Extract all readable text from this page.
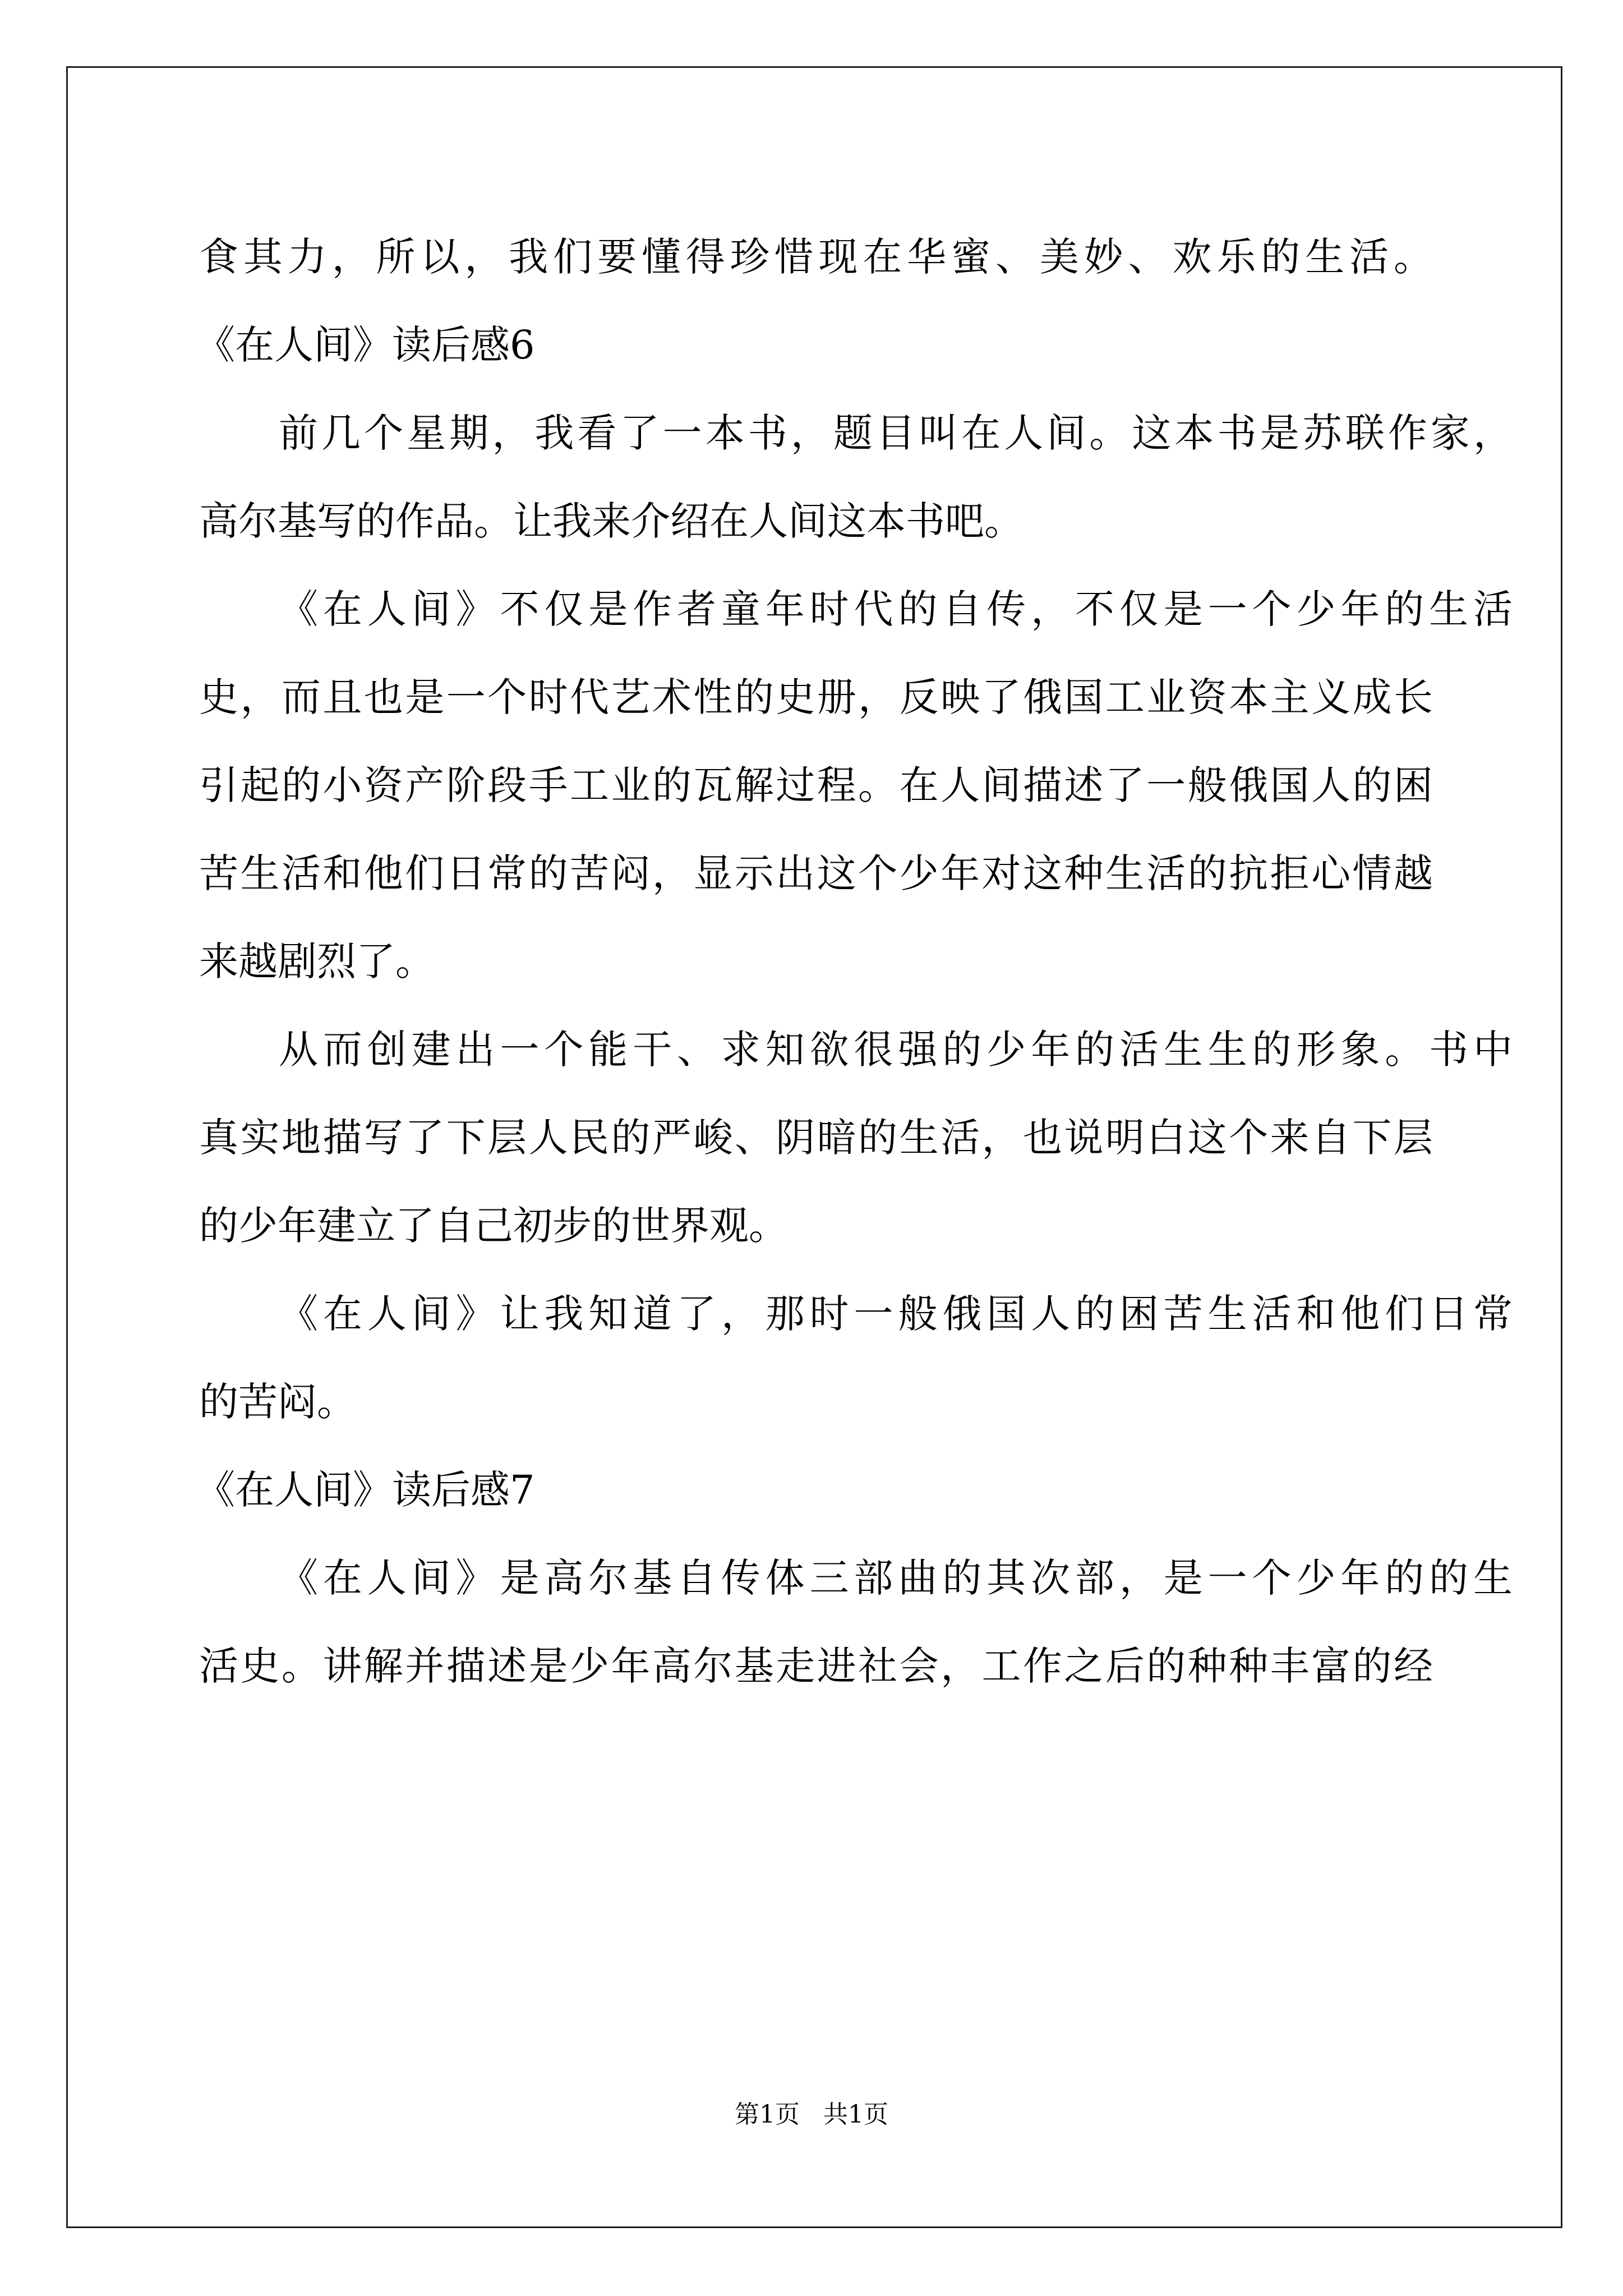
食其力，所以，我们要懂得珍惜现在华蜜、美妙、欢乐的生活。
《在人间》读后感6
前几个星期，我看了一本书，题目叫在人间。这本书是苏联作家，
高尔基写的作品。让我来介绍在人间这本书吧。
《在人间》不仅是作者童年时代的自传，不仅是一个少年的生活
史，而且也是一个时代艺术性的史册，反映了俄国工业资本主义成长
引起的小资产阶段手工业的瓦解过程。在人间描述了一般俄国人的困
苦生活和他们日常的苦闷，显示出这个少年对这种生活的抗拒心情越
来越剧烈了。
从而创建出一个能干、求知欲很强的少年的活生生的形象。书中
真实地描写了下层人民的严峻、阴暗的生活，也说明白这个来自下层
的少年建立了自己初步的世界观。
《在人间》让我知道了，那时一般俄国人的困苦生活和他们日常
的苦闷。
《在人间》读后感7
《在人间》是高尔基自传体三部曲的其次部，是一个少年的的生
活史。讲解并描述是少年高尔基走进社会，工作之后的种种丰富的经
第1页   共1页
